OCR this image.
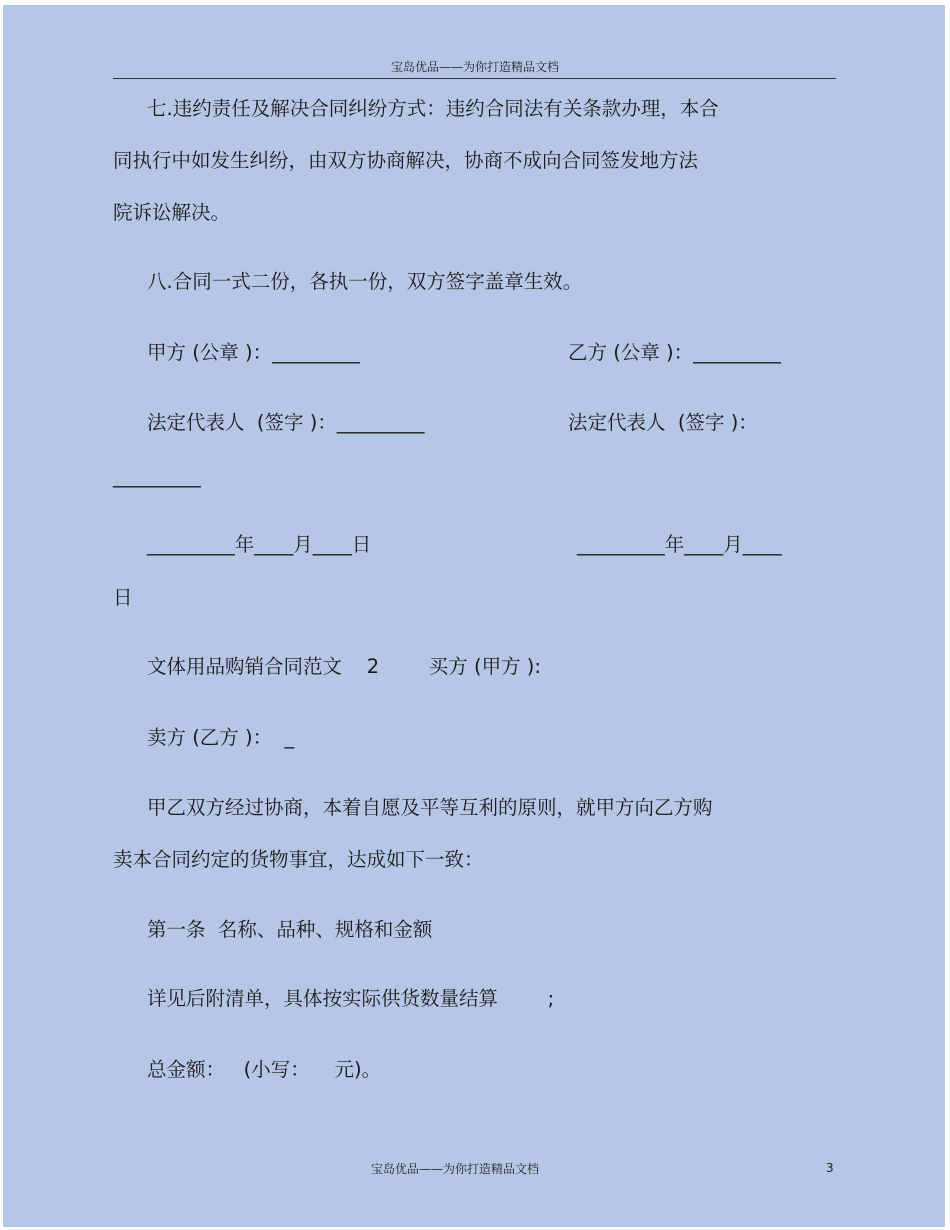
宝岛优品——为你打造精品文档
七.违约责任及解决合同纠纷方式：违约合同法有关条款办理，本合
同执行中如发生纠纷，由双方协商解决，协商不成向合同签发地方法
院诉讼解决。
八.合同一式二份，各执一份，双方签字盖章生效。
甲方 (公章 )：_________	乙方 (公章 )：_________
法定代表人  (签字 )：_________	法定代表人  (签字 )：
_________
_________年____月____日	_________年____月____
日
文体用品购销合同范文    2        买方 (甲方 ):
卖方 (乙方 )：  _
甲乙双方经过协商，本着自愿及平等互利的原则，就甲方向乙方购
卖本合同约定的货物事宜，达成如下一致：
第一条  名称、品种、规格和金额
详见后附清单，具体按实际供货数量结算        ;
总金额：   (小写：    元)。
宝岛优品——为你打造精品文档	3
